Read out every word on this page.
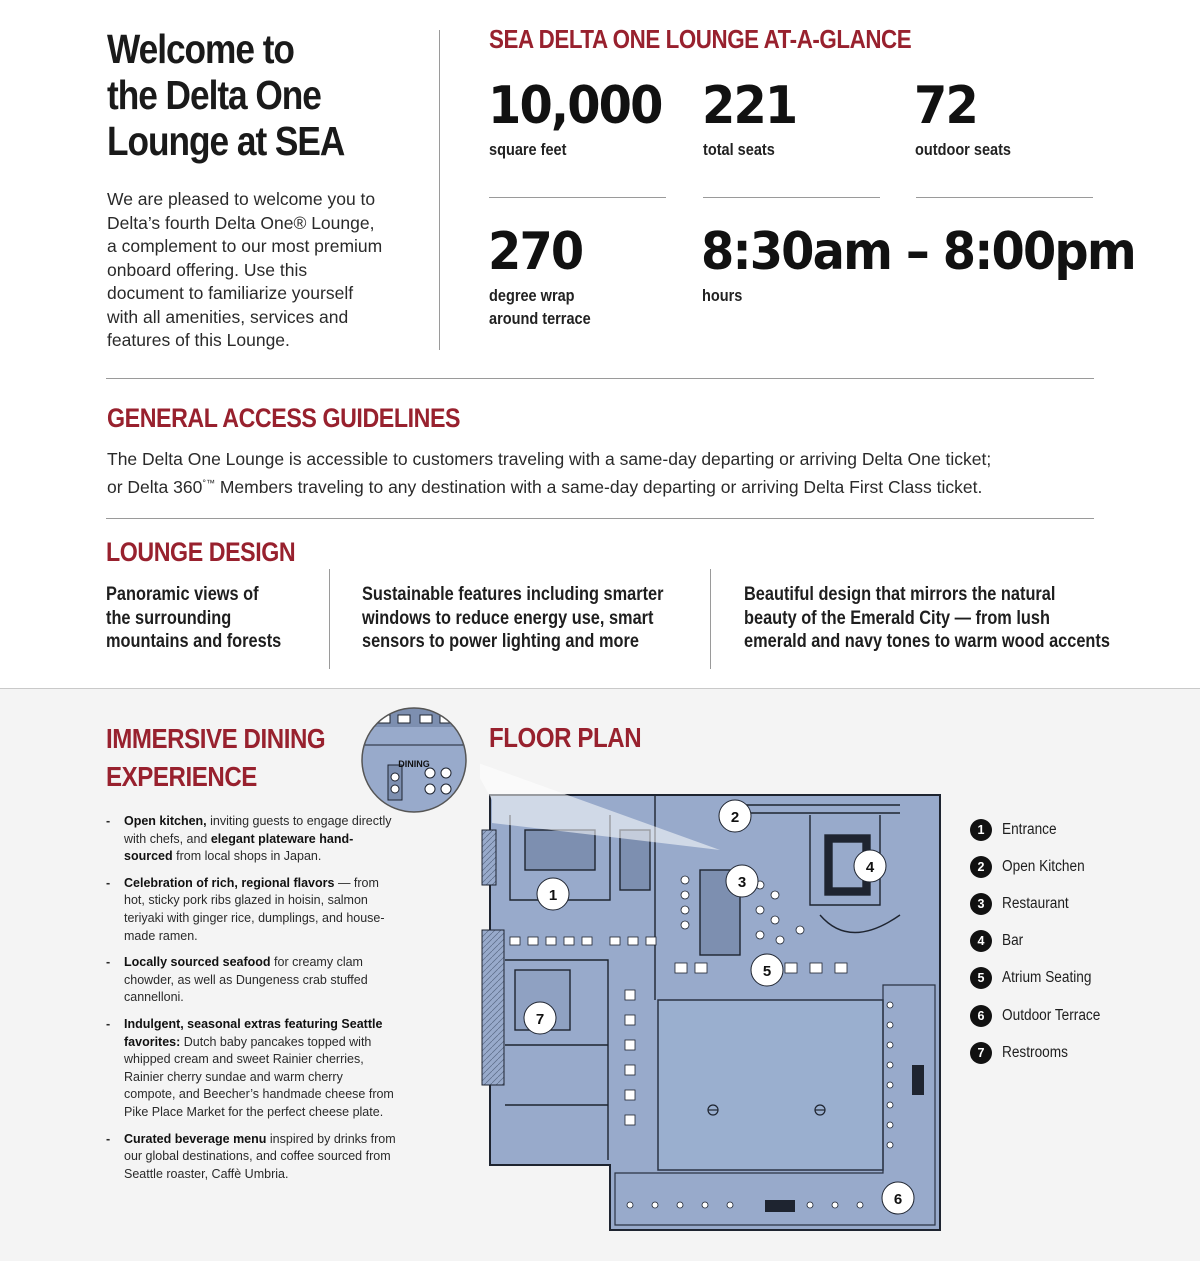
Welcome to
the Delta One
Lounge at SEA
We are pleased to welcome you to
Delta’s fourth Delta One® Lounge,
a complement to our most premium
onboard offering. Use this
document to familiarize yourself
with all amenities, services and
features of this Lounge.
SEA DELTA ONE LOUNGE AT-A-GLANCE
10,000
square feet
221
total seats
72
outdoor seats
270
degree wrap
around terrace
8:30am – 8:00pm
hours
GENERAL ACCESS GUIDELINES
The Delta One Lounge is accessible to customers traveling with a same-day departing or arriving Delta One ticket;
or Delta 360°™ Members traveling to any destination with a same-day departing or arriving Delta First Class ticket.
LOUNGE DESIGN
Panoramic views of
the surrounding
mountains and forests
Sustainable features including smarter
windows to reduce energy use, smart
sensors to power lighting and more
Beautiful design that mirrors the natural
beauty of the Emerald City — from lush
emerald and navy tones to warm wood accents
IMMERSIVE DINING
EXPERIENCE
- Open kitchen, inviting guests to engage directly with chefs, and elegant plateware hand-sourced from local shops in Japan.
- Celebration of rich, regional flavors — from hot, sticky pork ribs glazed in hoisin, salmon teriyaki with ginger rice, dumplings, and house-made ramen.
- Locally sourced seafood for creamy clam chowder, as well as Dungeness crab stuffed cannelloni.
- Indulgent, seasonal extras featuring Seattle favorites: Dutch baby pancakes topped with whipped cream and sweet Rainier cherries, Rainier cherry sundae and warm cherry compote, and Beecher’s handmade cheese from Pike Place Market for the perfect cheese plate.
- Curated beverage menu inspired by drinks from our global destinations, and coffee sourced from Seattle roaster, Caffè Umbria.
FLOOR PLAN
1
2
3
4
5
6
7
DINING
1	Entrance
2	Open Kitchen
3	Restaurant
4	Bar
5	Atrium Seating
6	Outdoor Terrace
7	Restrooms
